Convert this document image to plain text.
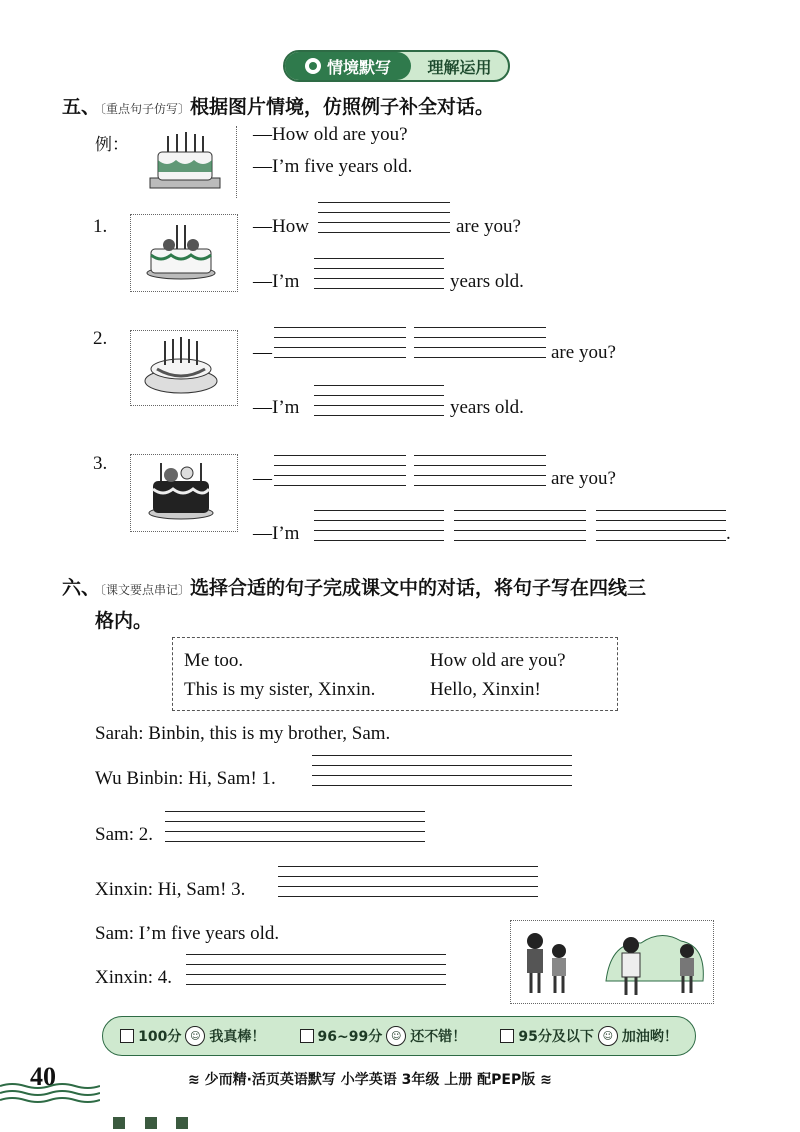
情境默写	理解运用
五、〔重点句子仿写〕根据图片情境，仿照例子补全对话。
例：	—How old are you?
—I’m five years old.
1.	—How	are you?
—I’m	years old.
2.
—	are you?
—I’m	years old.
3.
—	are you?
—I’m	.
六、〔课文要点串记〕选择合适的句子完成课文中的对话，将句子写在四线三
格内。
Me too.	How old are you?
This is my sister, Xinxin.	Hello, Xinxin!
Sarah: Binbin, this is my brother, Sam.
Wu Binbin: Hi, Sam! 1.
Sam: 2.
Xinxin: Hi, Sam! 3.
Sam: I’m five years old.
Xinxin: 4.
100分 ☺ 我真棒！	96~99分 ☺ 还不错！	95分及以下 ☺ 加油哟！
40	≋ 少而精·活页英语默写 小学英语 3年级 上册 配PEP版 ≋
